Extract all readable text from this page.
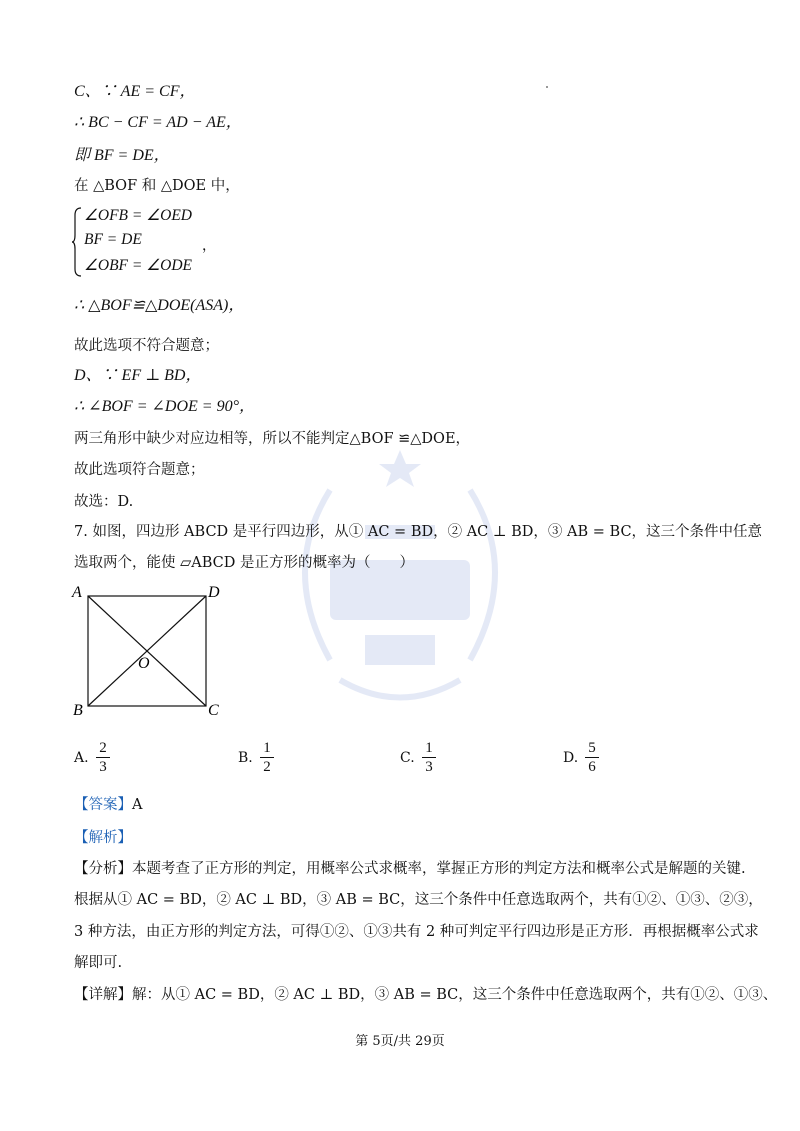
C、∵ AE = CF，
∴ BC − CF = AD − AE，
即 BF = DE，
在 △BOF 和 △DOE 中，
∠OFB = ∠OED
BF = DE
∠OBF = ∠ODE
，
∴ △BOF≌△DOE(ASA)，
故此选项不符合题意；
D、∵ EF ⊥ BD，
∴ ∠BOF = ∠DOE = 90°，
两三角形中缺少对应边相等，所以不能判定△BOF ≌△DOE，
故此选项符合题意；
故选：D.
7. 如图，四边形 ABCD 是平行四边形，从① AC = BD，② AC ⊥ BD，③ AB = BC，这三个条件中任意
选取两个，能使 ▱ABCD 是正方形的概率为（　　）
A	D
B	C
O
A.
2
3
B.
1
2
C.
1
3
D.
5
6
【答案】A
【解析】
【分析】本题考查了正方形的判定，用概率公式求概率，掌握正方形的判定方法和概率公式是解题的关键.
根据从① AC = BD，② AC ⊥ BD，③ AB = BC，这三个条件中任意选取两个，共有①②、①③、②③，
3 种方法，由正方形的判定方法，可得①②、①③共有 2 种可判定平行四边形是正方形．再根据概率公式求
解即可.
【详解】解：从① AC = BD，② AC ⊥ BD，③ AB = BC，这三个条件中任意选取两个，共有①②、①③、
第 5页/共 29页
